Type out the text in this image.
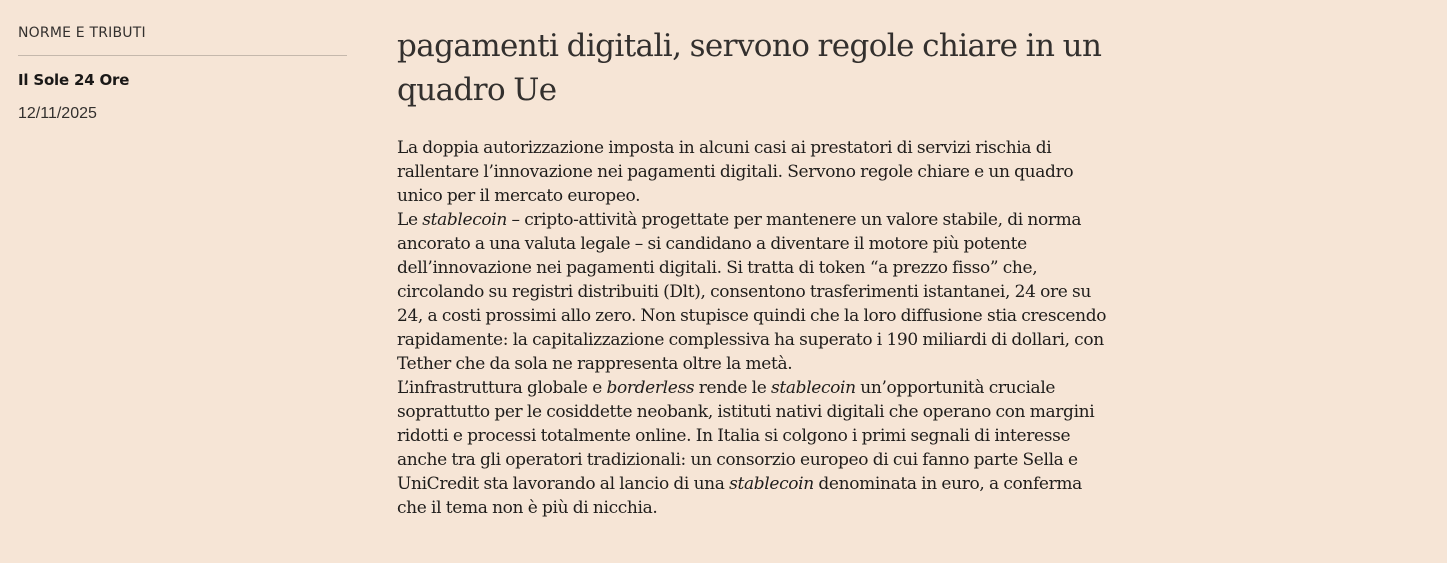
NORME E TRIBUTI
Il Sole 24 Ore
12/11/2025
pagamenti digitali, servono regole chiare in un quadro Ue

La doppia autorizzazione imposta in alcuni casi ai prestatori di servizi rischia di rallentare l’innovazione nei pagamenti digitali. Servono regole chiare e un quadro unico per il mercato europeo.

Le stablecoin – cripto-attività progettate per mantenere un valore stabile, di norma ancorato a una valuta legale – si candidano a diventare il motore più potente dell’innovazione nei pagamenti digitali. Si tratta di token “a prezzo fisso” che, circolando su registri distribuiti (Dlt), consentono trasferimenti istantanei, 24 ore su 24, a costi prossimi allo zero. Non stupisce quindi che la loro diffusione stia crescendo rapidamente: la capitalizzazione complessiva ha superato i 190 miliardi di dollari, con Tether che da sola ne rappresenta oltre la metà.

L’infrastruttura globale e borderless rende le stablecoin un’opportunità cruciale soprattutto per le cosiddette neobank, istituti nativi digitali che operano con margini ridotti e processi totalmente online. In Italia si colgono i primi segnali di interesse anche tra gli operatori tradizionali: un consorzio europeo di cui fanno parte Sella e UniCredit sta lavorando al lancio di una stablecoin denominata in euro, a conferma che il tema non è più di nicchia.
